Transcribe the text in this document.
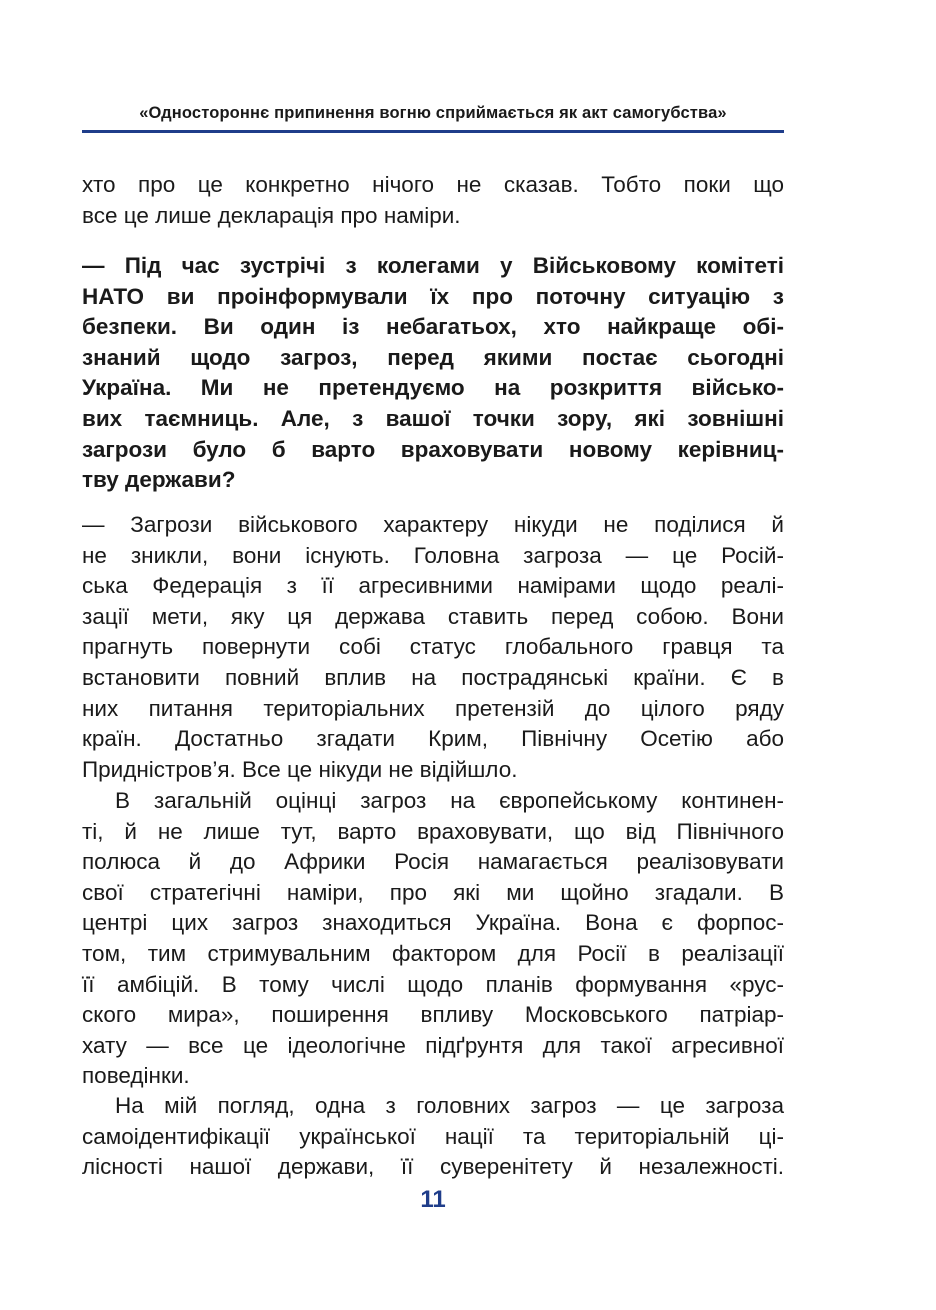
«Одностороннє припинення вогню сприймається як акт самогубства»
хто про це конкретно нічого не сказав. Тобто поки що
все це лише декларація про наміри.
— Під час зустрічі з колегами у Військовому комітеті
НАТО ви проінформували їх про поточну ситуацію з
безпеки. Ви один із небагатьох, хто найкраще обі-
знаний щодо загроз, перед якими постає сьогодні
Україна. Ми не претендуємо на розкриття військо-
вих таємниць. Але, з вашої точки зору, які зовнішні
загрози було б варто враховувати новому керівниц-
тву держави?
— Загрози військового характеру нікуди не поділися й
не зникли, вони існують. Головна загроза — це Росій-
ська Федерація з її агресивними намірами щодо реалі-
зації мети, яку ця держава ставить перед собою. Вони
прагнуть повернути собі статус глобального гравця та
встановити повний вплив на пострадянські країни. Є в
них питання територіальних претензій до цілого ряду
країн. Достатньо згадати Крим, Північну Осетію або
Придністров’я. Все це нікуди не відійшло.
В загальній оцінці загроз на європейському континен-
ті, й не лише тут, варто враховувати, що від Північного
полюса й до Африки Росія намагається реалізовувати
свої стратегічні наміри, про які ми щойно згадали. В
центрі цих загроз знаходиться Україна. Вона є форпос-
том, тим стримувальним фактором для Росії в реалізації
її амбіцій. В тому числі щодо планів формування «рус-
ского мира», поширення впливу Московського патріар-
хату — все це ідеологічне підґрунтя для такої агресивної
поведінки.
На мій погляд, одна з головних загроз — це загроза
самоідентифікації української нації та територіальній ці-
лісності нашої держави, її суверенітету й незалежності.
11
